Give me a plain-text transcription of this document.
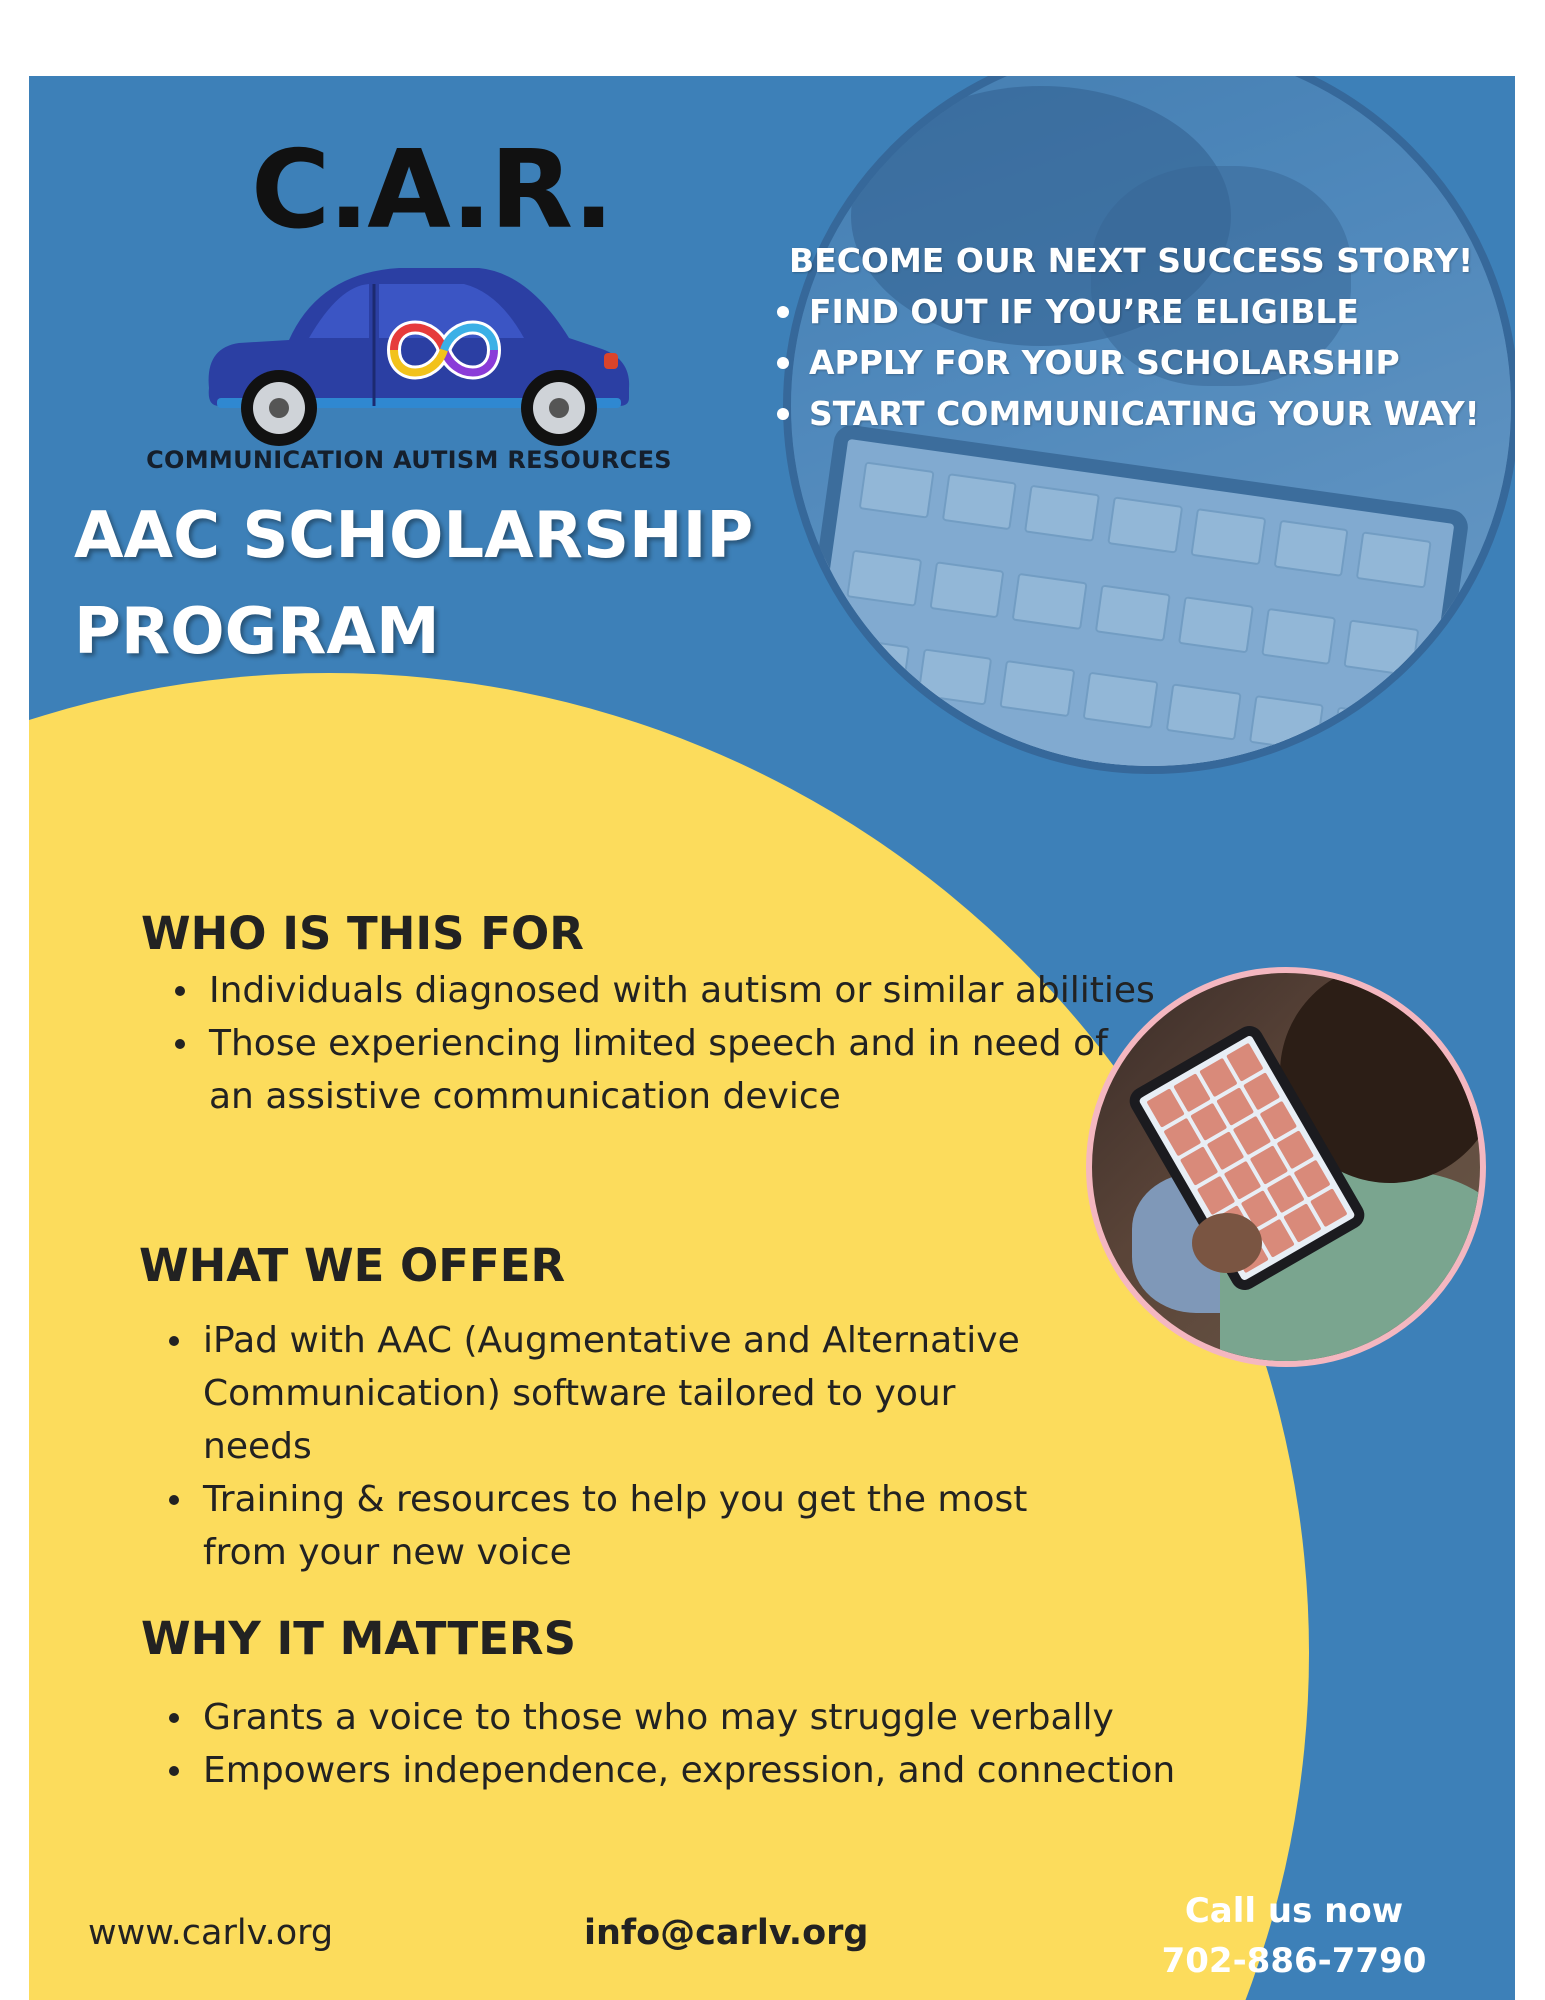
C.A.R.
COMMUNICATION AUTISM RESOURCES
AAC SCHOLARSHIP
PROGRAM
BECOME OUR NEXT SUCCESS STORY!
FIND OUT IF YOU’RE ELIGIBLE
APPLY FOR YOUR SCHOLARSHIP
START COMMUNICATING YOUR WAY!
WHO IS THIS FOR
Individuals diagnosed with autism or similar abilities
Those experiencing limited speech and in need of an assistive communication device
WHAT WE OFFER
iPad with AAC (Augmentative and Alternative Communication) software tailored to your needs
Training & resources to help you get the most from your new voice
WHY IT MATTERS
Grants a voice to those who may struggle verbally
Empowers independence, expression, and connection
www.carlv.org	info@carlv.org
Call us now
702-886-7790
